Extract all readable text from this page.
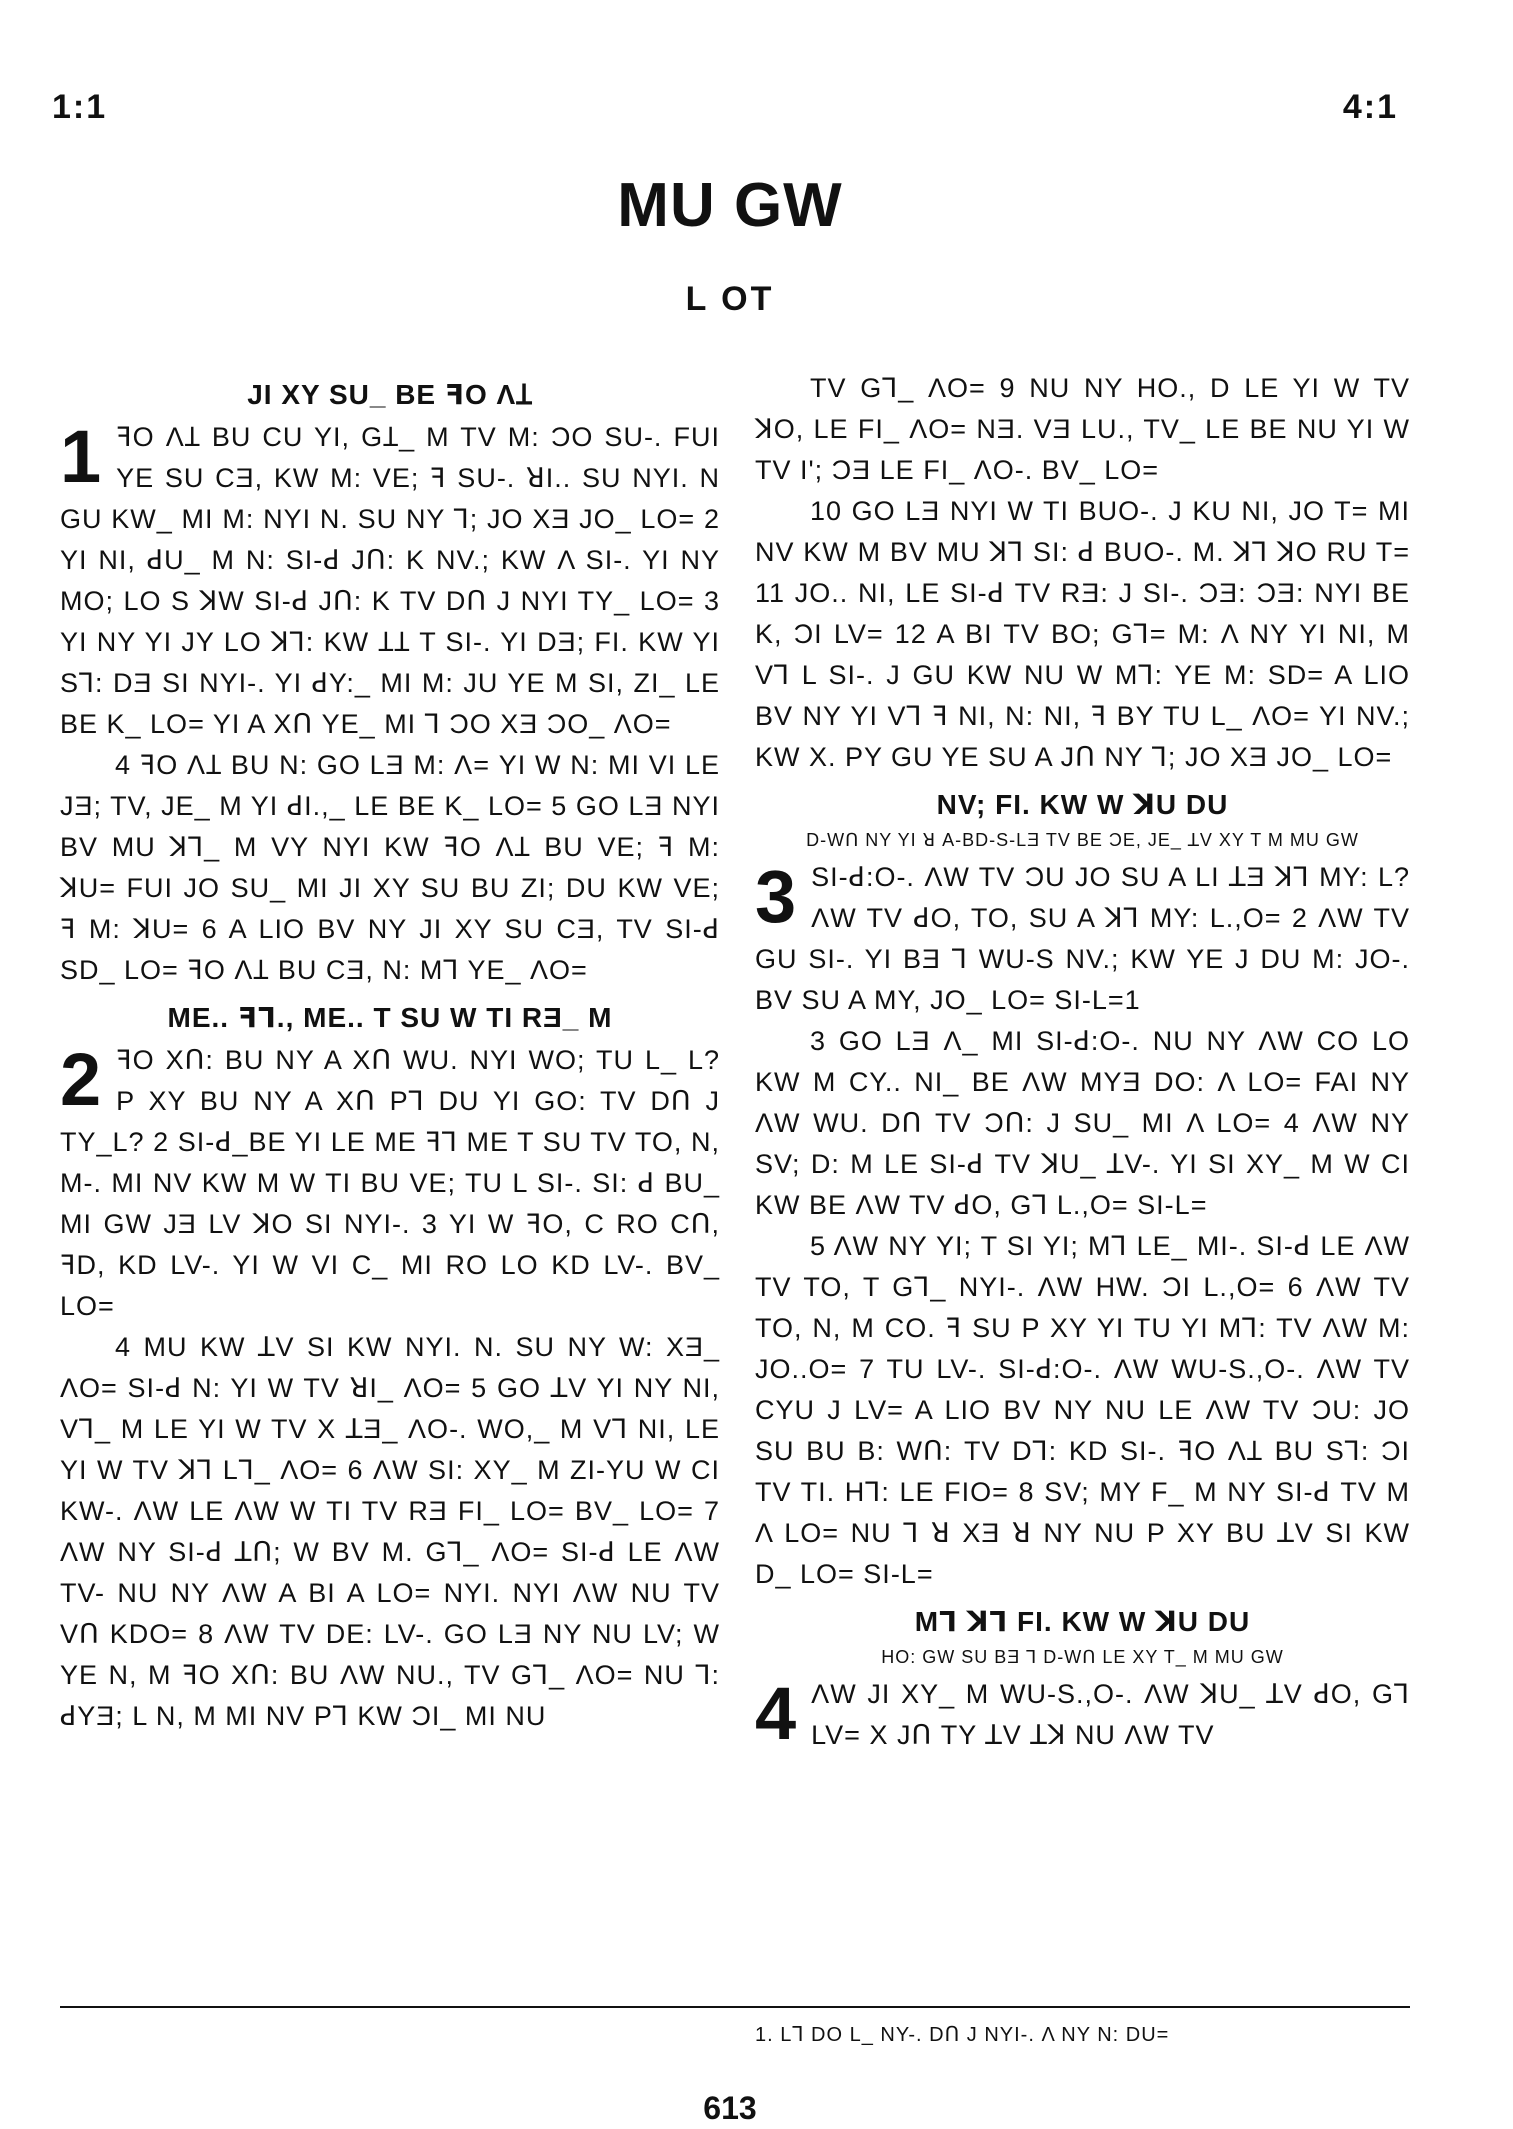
1:1	4:1
MU GW
L OT
JI XY SU_ BE ꟻO ΛꞱ

1 ꟻO ΛꞱ BU CU YI, GꞱ_ M TV M: ƆO SU-. FUI YE SU CƎ, KW M: VE; ꟻ SU-. ꓤI.. SU NYI. N GU KW_ MI M: NYI N. SU NY Ꞁ; JO XƎ JO_ LO= 2 YI NI, ꓒU_ M N: SI-ꓒ JՈ: K NV.; KW Λ SI-. YI NY MO; LO S ꓘW SI-ꓒ JՈ: K TV DՈ J NYI TY_ LO= 3 YI NY YI JY LO ꓘꞀ: KW ꞱꞱ T SI-. YI DƎ; FI. KW YI SꞀ: DƎ SI NYI-. YI ꓒY:_ MI M: JU YE M SI, ZI_ LE BE K_ LO= YI A XՈ YE_ MI Ꞁ ƆO XƎ ƆO_ ΛO=

4 ꟻO ΛꞱ BU N: GO LƎ M: Λ= YI W N: MI VI LE JƎ; TV, JE_ M YI ꓒI.,_ LE BE K_ LO= 5 GO LƎ NYI BV MU ꓘꞀ_ M VY NYI KW ꟻO ΛꞱ BU VE; ꟻ M: ꓘU= FUI JO SU_ MI JI XY SU BU ZI; DU KW VE; ꟻ M: ꓘU= 6 A LIO BV NY JI XY SU CƎ, TV SI-ꓒ SD_ LO= ꟻO ΛꞱ BU CƎ, N: MꞀ YE_ ΛO=

ME.. ꟻꞀ., ME.. T SU W TI RƎ_ M

2 ꟻO XՈ: BU NY A XՈ WU. NYI WO; TU L_ L? P XY BU NY A XՈ PꞀ DU YI GO: TV DՈ J TY_L? 2 SI-ꓒ_BE YI LE ME ꟻꞀ ME T SU TV TO, N, M-. MI NV KW M W TI BU VE; TU L SI-. SI: ꓒ BU_ MI GW JƎ LV ꓘO SI NYI-. 3 YI W ꟻO, C RO CՈ, ꟻD, KD LV-. YI W VI C_ MI RO LO KD LV-. BV_ LO=

4 MU KW ꓕV SI KW NYI. N. SU NY W: XƎ_ ΛO= SI-ꓒ N: YI W TV ꓤI_ ΛO= 5 GO ꓕV YI NY NI, VꞀ_ M LE YI W TV X ꓕƎ_ ΛO-. WO,_ M VꞀ NI, LE YI W TV ꓘꞀ LꞀ_ ΛO= 6 ΛW SI: XY_ M ZI-YU W CI KW-. ΛW LE ΛW W TI TV RƎ FI_ LO= BV_ LO= 7 ΛW NY SI-ꓒ ꓕՈ; W BV M. GꞀ_ ΛO= SI-ꓒ LE ΛW TV- NU NY ΛW A BI A LO= NYI. NYI ΛW NU TV VՈ KDO= 8 ΛW TV DE: LV-. GO LƎ NY NU LV; W YE N, M ꟻO XՈ: BU ΛW NU., TV GꞀ_ ΛO= NU Ꞁ: ꓒYƎ; L N, M MI NV PꞀ KW ƆI_ MI NU

TV GꞀ_ ΛO= 9 NU NY HO., D LE YI W TV ꓘO, LE FI_ ΛO= NƎ. VƎ LU., TV_ LE BE NU YI W TV I'; ƆƎ LE FI_ ΛO-. BV_ LO=

10 GO LƎ NYI W TI BUO-. J KU NI, JO T= MI NV KW M BV MU ꓘꞀ SI: ꓒ BUO-. M. ꓘꞀ ꓘO RU T= 11 JO.. NI, LE SI-ꓒ TV RƎ: J SI-. ƆƎ: ƆƎ: NYI BE K, ƆI LV= 12 A BI TV BO; GꞀ= M: Λ NY YI NI, M VꞀ L SI-. J GU KW NU W MꞀ: YE M: SD= A LIO BV NY YI VꞀ ꟻ NI, N: NI, ꟻ BY TU L_ ΛO= YI NV.; KW X. PY GU YE SU A JՈ NY Ꞁ; JO XƎ JO_ LO=

NV; FI. KW W ꓘU DU
D-WՈ NY YI ꓤ A-BD-S-LƎ TV BE ƆE, JE_ ꓕV XY T M MU GW

3 SI-ꓒ:O-. ΛW TV ƆU JO SU A LI ꓕƎ ꓘꞀ MY: L? ΛW TV ꓒO, TO, SU A ꓘꞀ MY: L.,O= 2 ΛW TV GU SI-. YI BƎ Ꞁ WU-S NV.; KW YE J DU M: JO-. BV SU A MY, JO_ LO= SI-L=1

3 GO LƎ Λ_ MI SI-ꓒ:O-. NU NY ΛW CO LO KW M CY.. NI_ BE ΛW MYƎ DO: Λ LO= FAI NY ΛW WU. DՈ TV ƆՈ: J SU_ MI Λ LO= 4 ΛW NY SV; D: M LE SI-ꓒ TV ꓘU_ ꓕV-. YI SI XY_ M W CI KW BE ΛW TV ꓒO, GꞀ L.,O= SI-L=

5 ΛW NY YI; T SI YI; MꞀ LE_ MI-. SI-ꓒ LE ΛW TV TO, T GꞀ_ NYI-. ΛW HW. ƆI L.,O= 6 ΛW TV TO, N, M CO. ꟻ SU P XY YI TU YI MꞀ: TV ΛW M: JO..O= 7 TU LV-. SI-ꓒ:O-. ΛW WU-S.,O-. ΛW TV CYU J LV= A LIO BV NY NU LE ΛW TV ƆU: JO SU BU B: WՈ: TV DꞀ: KD SI-. ꟻO ΛꞱ BU SꞀ: ƆI TV TI. HꞀ: LE FIO= 8 SV; MY F_ M NY SI-ꓒ TV M Λ LO= NU Ꞁ ꓤ XƎ ꓤ NY NU P XY BU ꓕV SI KW D_ LO= SI-L=

MꞀ ꓘꞀ FI. KW W ꓘU DU
HO: GW SU BƎ Ꞁ D-WՈ LE XY T_ M MU GW

4 ΛW JI XY_ M WU-S.,O-. ΛW ꓘU_ ꓕV ꓒO, GꞀ LV= X JՈ TY ꓕV ꓕꓘ NU ΛW TV

1. LꞀ DO L_ NY-. DՈ J NYI-. Λ NY N: DU=
613
